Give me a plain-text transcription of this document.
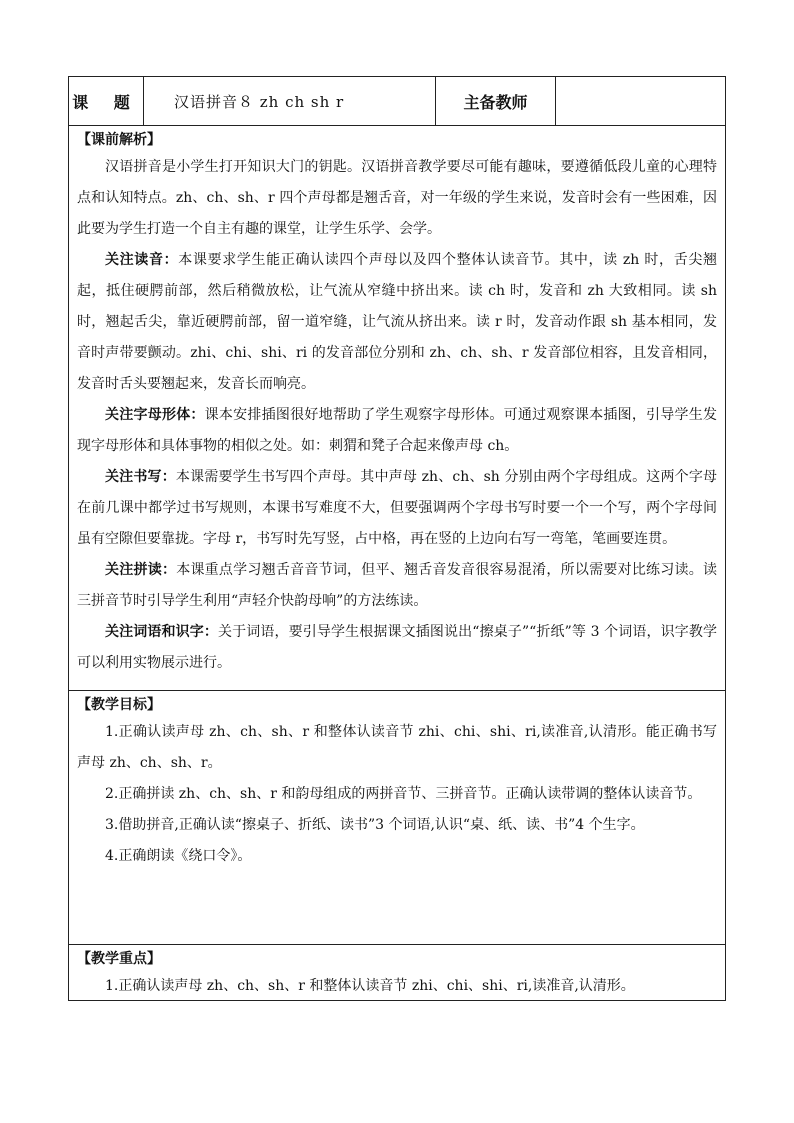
课 题	汉语拼音８ zh ch sh r	主备教师
【课前解析】

汉语拼音是小学生打开知识大门的钥匙。汉语拼音教学要尽可能有趣味，要遵循低段儿童的心理特点和认知特点。zh、ch、sh、r 四个声母都是翘舌音，对一年级的学生来说，发音时会有一些困难，因此要为学生打造一个自主有趣的课堂，让学生乐学、会学。

关注读音：本课要求学生能正确认读四个声母以及四个整体认读音节。其中，读 zh 时，舌尖翘起，抵住硬腭前部，然后稍微放松，让气流从窄缝中挤出来。读 ch 时，发音和 zh 大致相同。读 sh 时，翘起舌尖，靠近硬腭前部，留一道窄缝，让气流从挤出来。读 r 时，发音动作跟 sh 基本相同，发音时声带要颤动。zhi、chi、shi、ri 的发音部位分别和 zh、ch、sh、r 发音部位相容，且发音相同，发音时舌头要翘起来，发音长而响亮。

关注字母形体：课本安排插图很好地帮助了学生观察字母形体。可通过观察课本插图，引导学生发现字母形体和具体事物的相似之处。如：刺猬和凳子合起来像声母 ch。

关注书写：本课需要学生书写四个声母。其中声母 zh、ch、sh 分别由两个字母组成。这两个字母在前几课中都学过书写规则，本课书写难度不大，但要强调两个字母书写时要一个一个写，两个字母间虽有空隙但要靠拢。字母 r，书写时先写竖，占中格，再在竖的上边向右写一弯笔，笔画要连贯。

关注拼读：本课重点学习翘舌音音节词，但平、翘舌音发音很容易混淆，所以需要对比练习读。读三拼音节时引导学生利用“声轻介快韵母响”的方法练读。

关注词语和识字：关于词语，要引导学生根据课文插图说出“擦桌子”“折纸”等 3 个词语，识字教学可以利用实物展示进行。

【教学目标】

1.正确认读声母 zh、ch、sh、r 和整体认读音节 zhi、chi、shi、ri,读准音,认清形。能正确书写声母 zh、ch、sh、r。

2.正确拼读 zh、ch、sh、r 和韵母组成的两拼音节、三拼音节。正确认读带调的整体认读音节。

3.借助拼音,正确认读“擦桌子、折纸、读书”3 个词语,认识“桌、纸、读、书”4 个生字。

4.正确朗读《绕口令》。

【教学重点】

1.正确认读声母 zh、ch、sh、r 和整体认读音节 zhi、chi、shi、ri,读准音,认清形。
